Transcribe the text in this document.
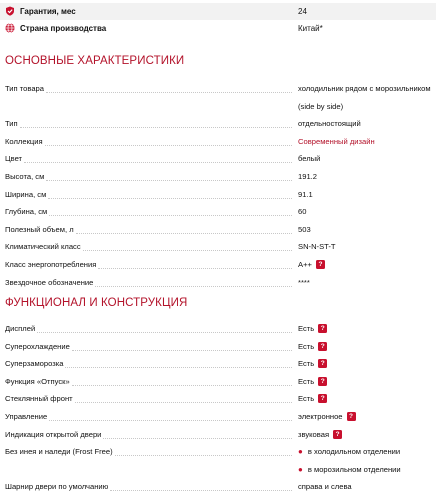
Гарантия, мес	24
Страна производства	Китай*
ОСНОВНЫЕ ХАРАКТЕРИСТИКИ
Тип товара	холодильник рядом с морозильником
(side by side)
Тип	отдельностоящий
Коллекция	Современный дизайн
Цвет	белый
Высота, см	191.2
Ширина, см	91.1
Глубина, см	60
Полезный объем, л	503
Климатический класс	SN-N-ST-T
Класс энергопотребления	A++	?
Звездочное обозначение	****
ФУНКЦИОНАЛ И КОНСТРУКЦИЯ
Дисплей	Есть	?
Суперохлаждение	Есть	?
Суперзаморозка	Есть	?
Функция «Отпуск»	Есть	?
Стеклянный фронт	Есть	?
Управление	электронное	?
Индикация открытой двери	звуковая	?
Без инея и наледи (Frost Free)	● в холодильном отделении
● в морозильном отделении
Шарнир двери по умолчанию	справа и слева
